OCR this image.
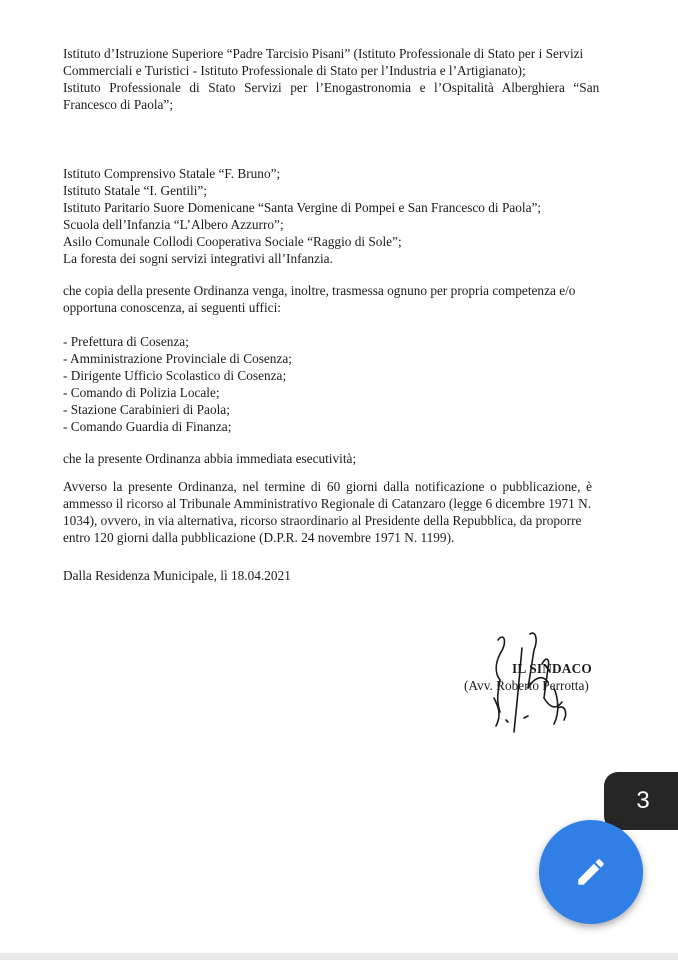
Istituto d’Istruzione Superiore “Padre Tarcisio Pisani” (Istituto Professionale di Stato per i Servizi

Commerciali e Turistici - Istituto Professionale di Stato per l’Industria e l’Artigianato);

Istituto Professionale di Stato Servizi per l’Enogastronomia e l’Ospitalità Alberghiera “San

Francesco di Paola”;

Istituto Comprensivo Statale “F. Bruno”;

Istituto Statale “I. Gentili”;

Istituto Paritario Suore Domenicane “Santa Vergine di Pompei e San Francesco di Paola”;

Scuola dell’Infanzia “L’Albero Azzurro”;

Asilo Comunale Collodi Cooperativa Sociale “Raggio di Sole”;

La foresta dei sogni servizi integrativi all’Infanzia.

che copia della presente Ordinanza venga, inoltre, trasmessa ognuno per propria competenza e/o

opportuna conoscenza, ai seguenti uffici:

- Prefettura di Cosenza;

- Amministrazione Provinciale di Cosenza;

- Dirigente Ufficio Scolastico di Cosenza;

- Comando di Polizia Locale;

- Stazione Carabinieri di Paola;

- Comando Guardia di Finanza;

che la presente Ordinanza abbia immediata esecutività;

Avverso la presente Ordinanza, nel termine di 60 giorni dalla notificazione o pubblicazione, è

ammesso il ricorso al Tribunale Amministrativo Regionale di Catanzaro (legge 6 dicembre 1971 N.

1034), ovvero, in via alternativa, ricorso straordinario al Presidente della Repubblica, da proporre

entro 120 giorni dalla pubblicazione (D.P.R. 24 novembre 1971 N. 1199).

Dalla Residenza Municipale, lì 18.04.2021

IL SINDACO
(Avv. Roberto Perrotta)
3
